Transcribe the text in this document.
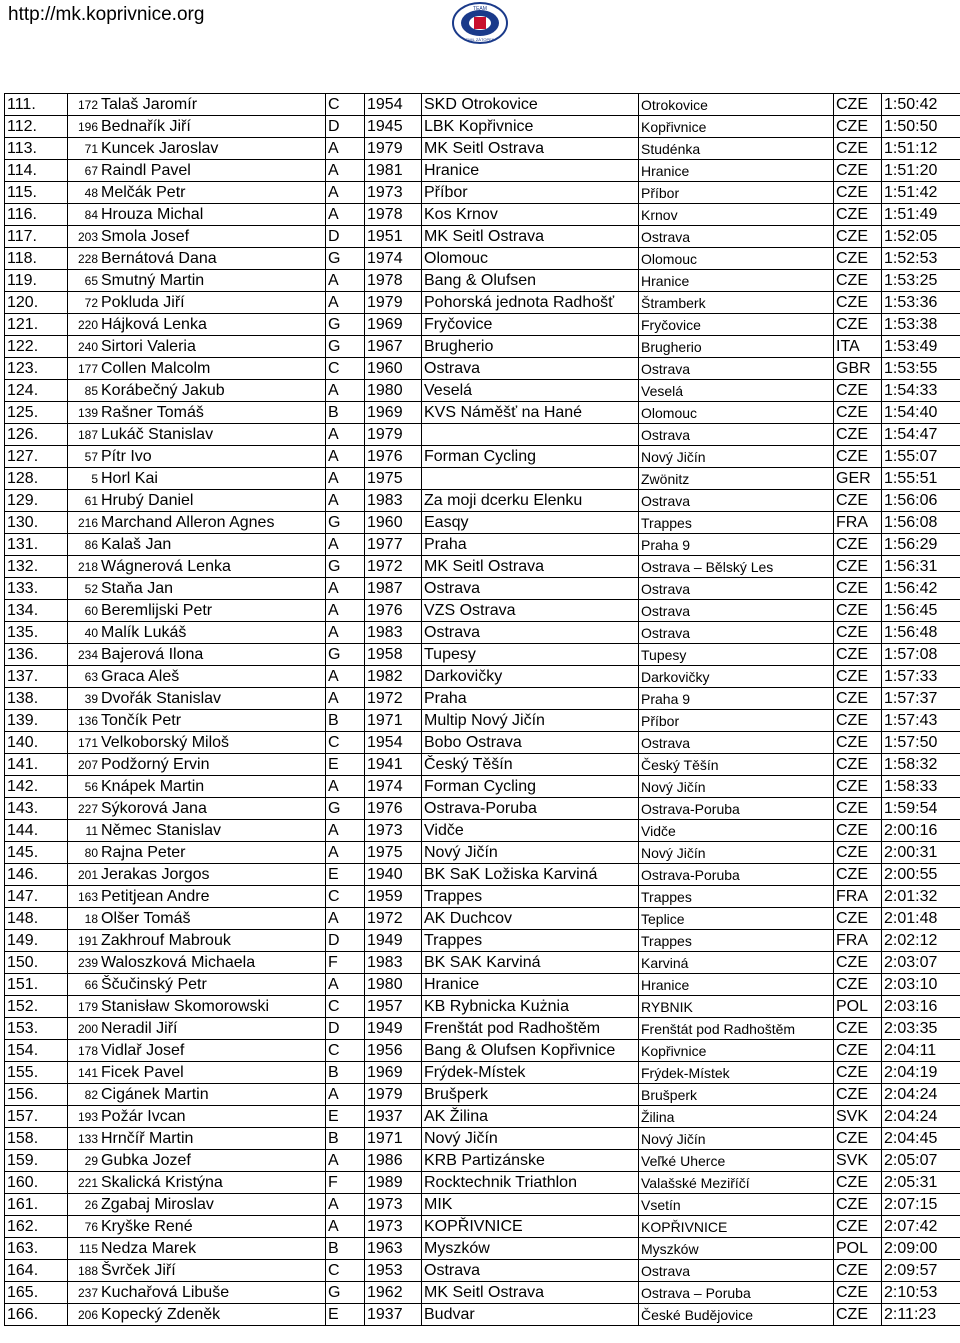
http://mk.koprivnice.org	TEAM
EMIL ZÁTOPEK
111.	172	Talaš Jaromír	C	1954	SKD Otrokovice	Otrokovice	CZE	1:50:42
112.	196	Bednařík Jiří	D	1945	LBK Kopřivnice	Kopřivnice	CZE	1:50:50
113.	71	Kuncek Jaroslav	A	1979	MK Seitl Ostrava	Studénka	CZE	1:51:12
114.	67	Raindl Pavel	A	1981	Hranice	Hranice	CZE	1:51:20
115.	48	Melčák Petr	A	1973	Příbor	Příbor	CZE	1:51:42
116.	84	Hrouza Michal	A	1978	Kos Krnov	Krnov	CZE	1:51:49
117.	203	Smola Josef	D	1951	MK Seitl Ostrava	Ostrava	CZE	1:52:05
118.	228	Bernátová Dana	G	1974	Olomouc	Olomouc	CZE	1:52:53
119.	65	Smutný Martin	A	1978	Bang & Olufsen	Hranice	CZE	1:53:25
120.	72	Pokluda Jiří	A	1979	Pohorská jednota Radhošť	Štramberk	CZE	1:53:36
121.	220	Hájková Lenka	G	1969	Fryčovice	Fryčovice	CZE	1:53:38
122.	240	Sirtori Valeria	G	1967	Brugherio	Brugherio	ITA	1:53:49
123.	177	Collen Malcolm	C	1960	Ostrava	Ostrava	GBR	1:53:55
124.	85	Korábečný Jakub	A	1980	Veselá	Veselá	CZE	1:54:33
125.	139	Rašner Tomáš	B	1969	KVS Náměšť na Hané	Olomouc	CZE	1:54:40
126.	187	Lukáč Stanislav	A	1979		Ostrava	CZE	1:54:47
127.	57	Pítr Ivo	A	1976	Forman Cycling	Nový Jičín	CZE	1:55:07
128.	5	Horl Kai	A	1975		Zwönitz	GER	1:55:51
129.	61	Hrubý Daniel	A	1983	Za moji dcerku Elenku	Ostrava	CZE	1:56:06
130.	216	Marchand Alleron Agnes	G	1960	Easqy	Trappes	FRA	1:56:08
131.	86	Kalaš Jan	A	1977	Praha	Praha 9	CZE	1:56:29
132.	218	Wágnerová Lenka	G	1972	MK Seitl Ostrava	Ostrava – Bělský Les	CZE	1:56:31
133.	52	Staňa Jan	A	1987	Ostrava	Ostrava	CZE	1:56:42
134.	60	Beremlijski Petr	A	1976	VZS Ostrava	Ostrava	CZE	1:56:45
135.	40	Malík Lukáš	A	1983	Ostrava	Ostrava	CZE	1:56:48
136.	234	Bajerová Ilona	G	1958	Tupesy	Tupesy	CZE	1:57:08
137.	63	Graca Aleš	A	1982	Darkovičky	Darkovičky	CZE	1:57:33
138.	39	Dvořák Stanislav	A	1972	Praha	Praha 9	CZE	1:57:37
139.	136	Tončík Petr	B	1971	Multip Nový Jičín	Příbor	CZE	1:57:43
140.	171	Velkoborský Miloš	C	1954	Bobo Ostrava	Ostrava	CZE	1:57:50
141.	207	Podžorný Ervin	E	1941	Český Těšín	Český Těšín	CZE	1:58:32
142.	56	Knápek Martin	A	1974	Forman Cycling	Nový Jičín	CZE	1:58:33
143.	227	Sýkorová Jana	G	1976	Ostrava-Poruba	Ostrava-Poruba	CZE	1:59:54
144.	11	Němec Stanislav	A	1973	Vidče	Vidče	CZE	2:00:16
145.	80	Rajna Peter	A	1975	Nový Jičín	Nový Jičín	CZE	2:00:31
146.	201	Jerakas Jorgos	E	1940	BK SaK Ložiska Karviná	Ostrava-Poruba	CZE	2:00:55
147.	163	Petitjean Andre	C	1959	Trappes	Trappes	FRA	2:01:32
148.	18	Olšer Tomáš	A	1972	AK Duchcov	Teplice	CZE	2:01:48
149.	191	Zakhrouf Mabrouk	D	1949	Trappes	Trappes	FRA	2:02:12
150.	239	Waloszková Michaela	F	1983	BK SAK Karviná	Karviná	CZE	2:03:07
151.	66	Ščučinský Petr	A	1980	Hranice	Hranice	CZE	2:03:10
152.	179	Stanisław Skomorowski	C	1957	KB Rybnicka Kużnia	RYBNIK	POL	2:03:16
153.	200	Neradil Jiří	D	1949	Frenštát pod Radhoštěm	Frenštát pod Radhoštěm	CZE	2:03:35
154.	178	Vidlař Josef	C	1956	Bang & Olufsen Kopřivnice	Kopřivnice	CZE	2:04:11
155.	141	Ficek Pavel	B	1969	Frýdek-Místek	Frýdek-Místek	CZE	2:04:19
156.	82	Cigánek Martin	A	1979	Brušperk	Brušperk	CZE	2:04:24
157.	193	Požár Ivcan	E	1937	AK Žilina	Žilina	SVK	2:04:24
158.	133	Hrnčíř Martin	B	1971	Nový Jičín	Nový Jičín	CZE	2:04:45
159.	29	Gubka Jozef	A	1986	KRB Partizánske	Veľké Uherce	SVK	2:05:07
160.	221	Skalická Kristýna	F	1989	Rocktechnik Triathlon	Valašské Meziříčí	CZE	2:05:31
161.	26	Zgabaj Miroslav	A	1973	MIK	Vsetín	CZE	2:07:15
162.	76	Kryške René	A	1973	KOPŘIVNICE	KOPŘIVNICE	CZE	2:07:42
163.	115	Nedza Marek	B	1963	Myszków	Myszków	POL	2:09:00
164.	188	Švrček Jiří	C	1953	Ostrava	Ostrava	CZE	2:09:57
165.	237	Kuchařová Libuše	G	1962	MK Seitl Ostrava	Ostrava – Poruba	CZE	2:10:53
166.	206	Kopecký Zdeněk	E	1937	Budvar	České Budějovice	CZE	2:11:23
